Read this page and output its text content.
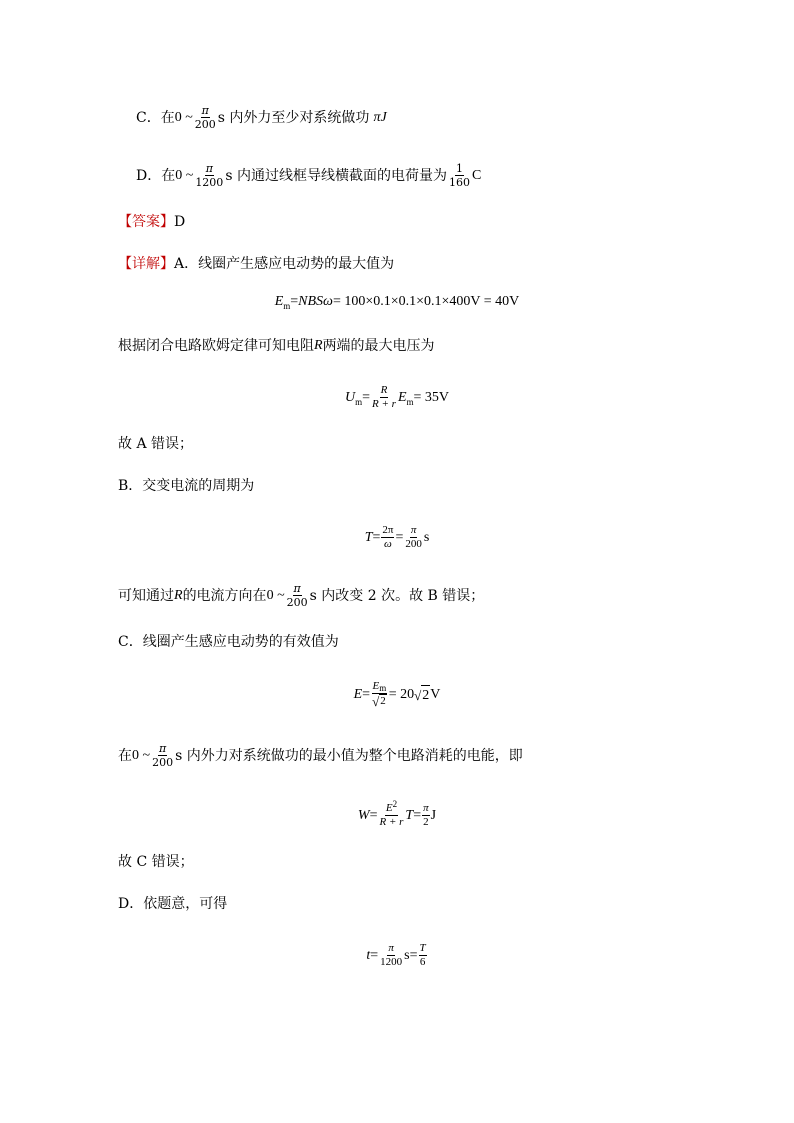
C．在 0 ~ $\frac{\pi}{200}$ s 内外力至少对系统做功 πJ
D．在 0 ~ $\frac{\pi}{1200}$ s 内通过线框导线横截面的电荷量为 $\frac{1}{160}$ C
【答案】 D
【详解】 A．线圈产生感应电动势的最大值为
E m = NBSω = 100×0.1×0.1×0.1×400V = 40V
根据闭合电路欧姆定律可知电阻 R 两端的最大电压为
U $m = \frac{R}{R + r}$ E m = 35V
故 A 错误；
B．交变电流的周期为
$T = \frac{2\pi}{\omega} = \frac{\pi}{200}$ s
可知通过 R 的电流方向在 0 ~ $\frac{\pi}{200}$ s 内改变 2 次。故 B 错误；
C．线圈产生感应电动势的有效值为
$E = \frac{Em}{√ 2} = 20$ √ 2 V
在 0 ~ $\frac{\pi}{200}$ s 内外力对系统做功的最小值为整个电路消耗的电能，即
$W = \frac{E^2}{R + r}$ $T = \frac{\pi}{2}$ J
故 C 错误；
D．依题意，可得
$t = \frac{\pi}{1200}$ $s = \frac{T}{6}$
